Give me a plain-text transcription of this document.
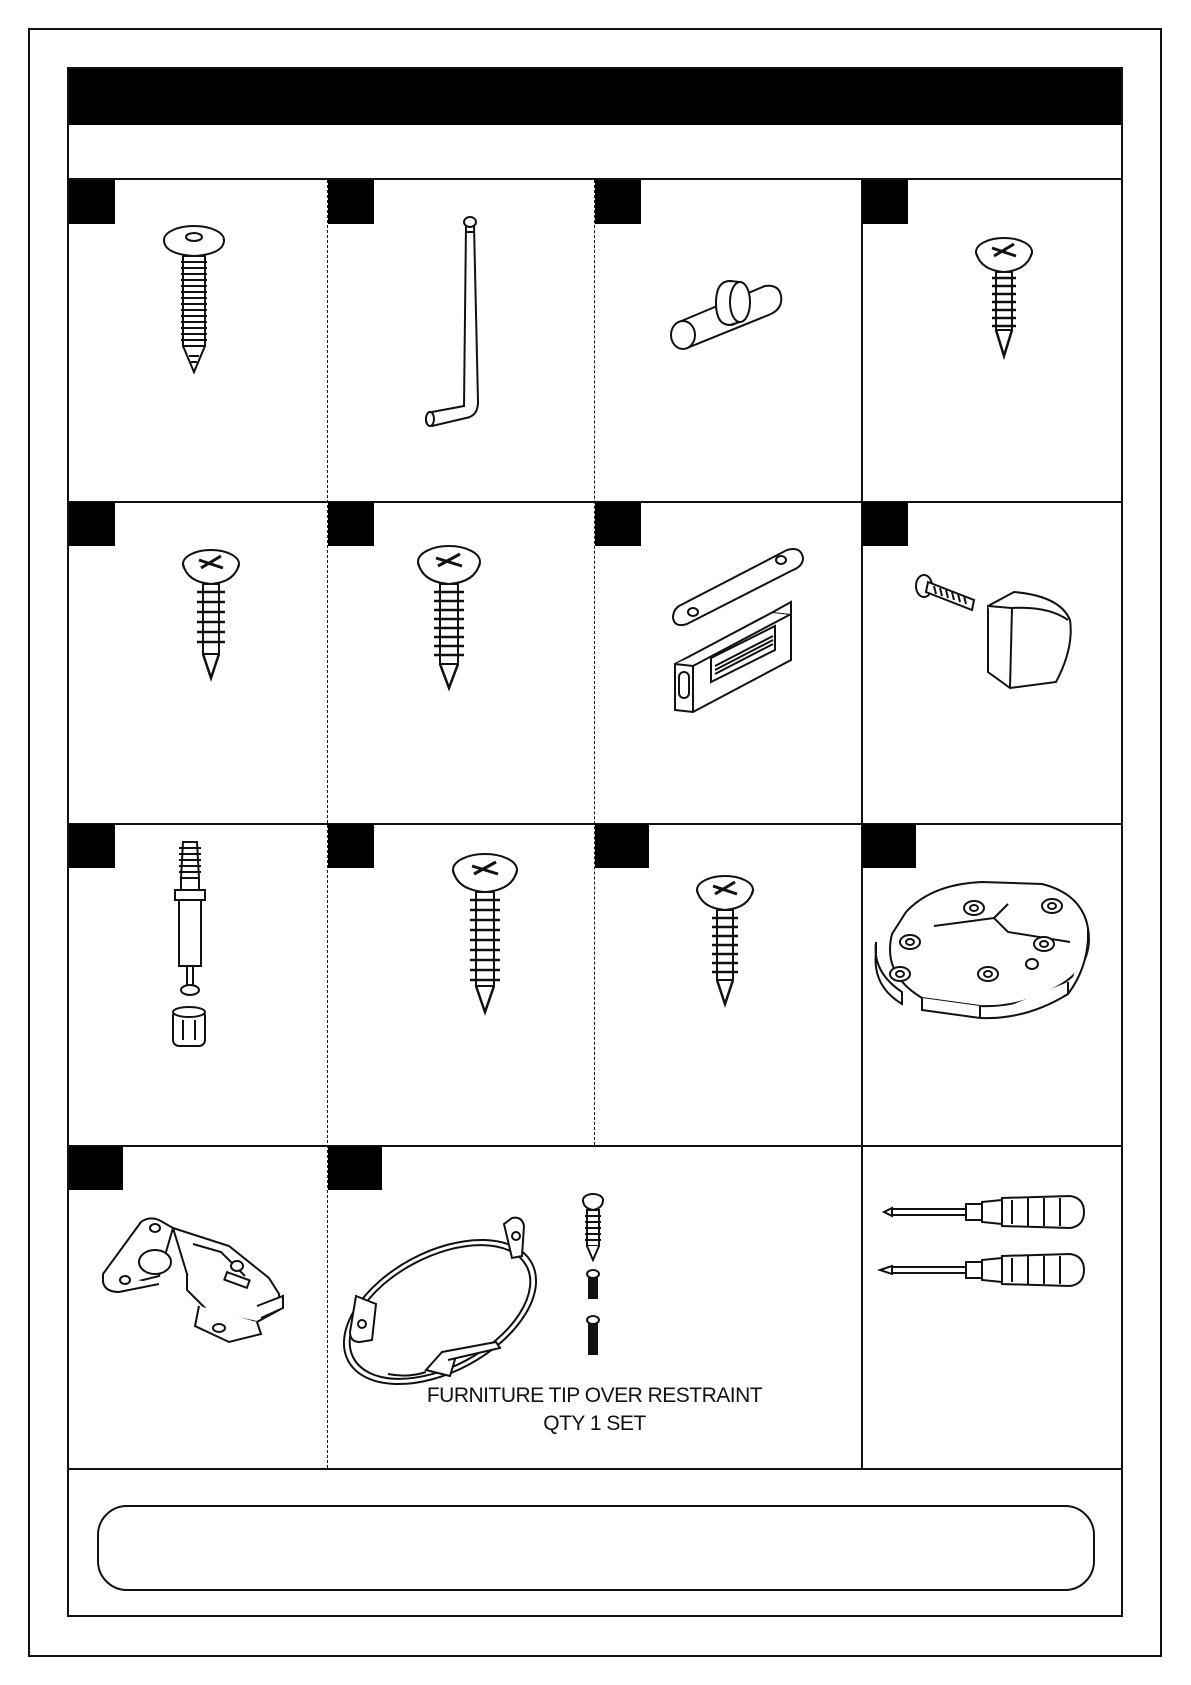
FURNITURE TIP OVER RESTRAINT
QTY 1 SET
